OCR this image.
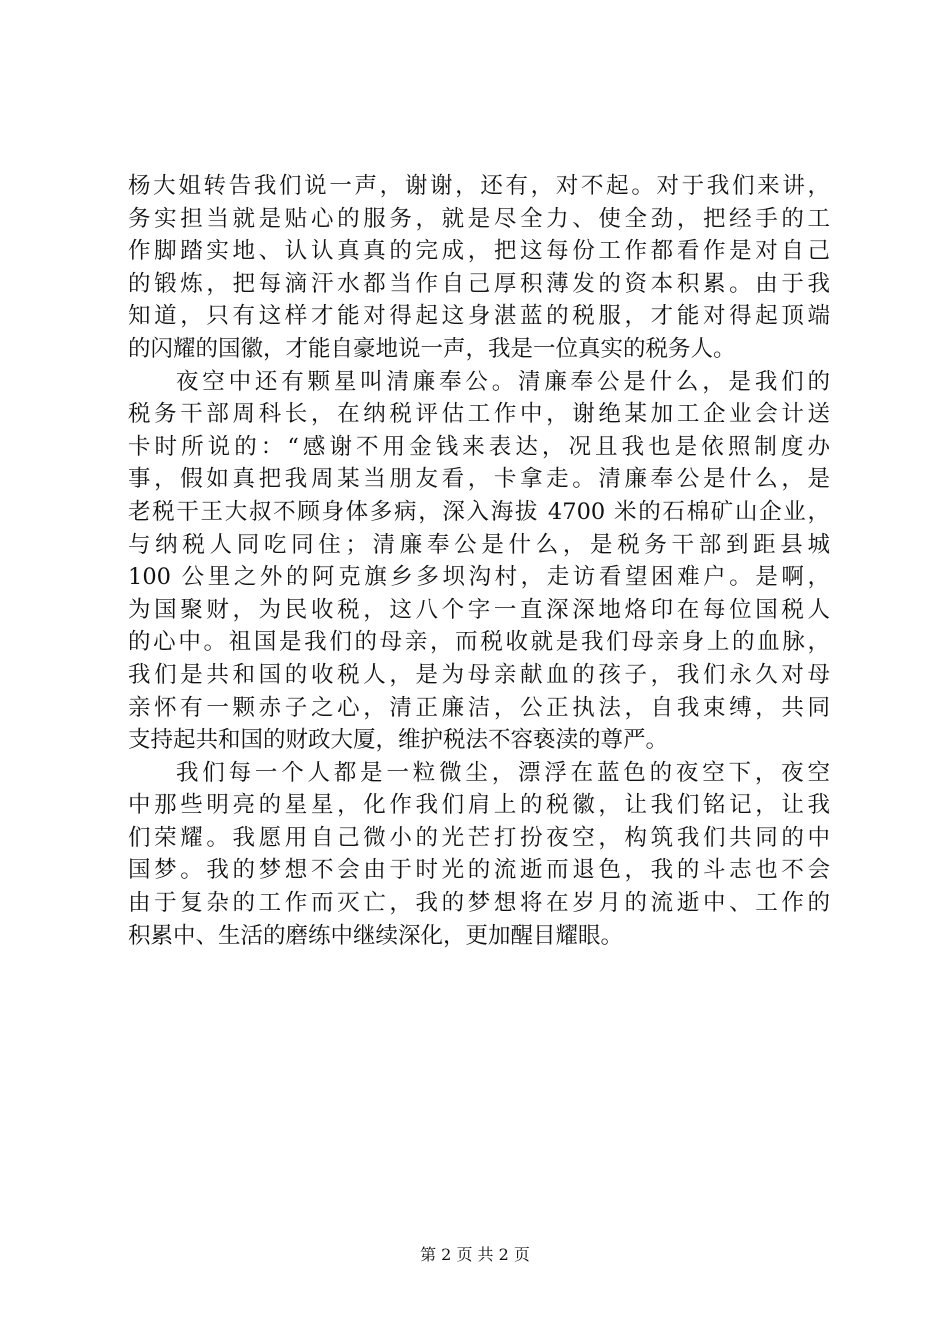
杨大姐转告我们说一声，谢谢，还有，对不起。对于我们来讲，
务实担当就是贴心的服务，就是尽全力、使全劲，把经手的工
作脚踏实地、认认真真的完成，把这每份工作都看作是对自己
的锻炼，把每滴汗水都当作自己厚积薄发的资本积累。由于我
知道，只有这样才能对得起这身湛蓝的税服，才能对得起顶端
的闪耀的国徽，才能自豪地说一声，我是一位真实的税务人。
夜空中还有颗星叫清廉奉公。清廉奉公是什么，是我们的
税务干部周科长，在纳税评估工作中，谢绝某加工企业会计送
卡时所说的：“感谢不用金钱来表达，况且我也是依照制度办
事，假如真把我周某当朋友看，卡拿走。清廉奉公是什么，是
老税干王大叔不顾身体多病，深入海拔 4700 米的石棉矿山企业，
与纳税人同吃同住；清廉奉公是什么，是税务干部到距县城
100 公里之外的阿克旗乡多坝沟村，走访看望困难户。是啊，
为国聚财，为民收税，这八个字一直深深地烙印在每位国税人
的心中。祖国是我们的母亲，而税收就是我们母亲身上的血脉，
我们是共和国的收税人，是为母亲献血的孩子，我们永久对母
亲怀有一颗赤子之心，清正廉洁，公正执法，自我束缚，共同
支持起共和国的财政大厦，维护税法不容亵渎的尊严。
我们每一个人都是一粒微尘，漂浮在蓝色的夜空下，夜空
中那些明亮的星星，化作我们肩上的税徽，让我们铭记，让我
们荣耀。我愿用自己微小的光芒打扮夜空，构筑我们共同的中
国梦。我的梦想不会由于时光的流逝而退色，我的斗志也不会
由于复杂的工作而灭亡，我的梦想将在岁月的流逝中、工作的
积累中、生活的磨练中继续深化，更加醒目耀眼。
第 2 页 共 2 页
